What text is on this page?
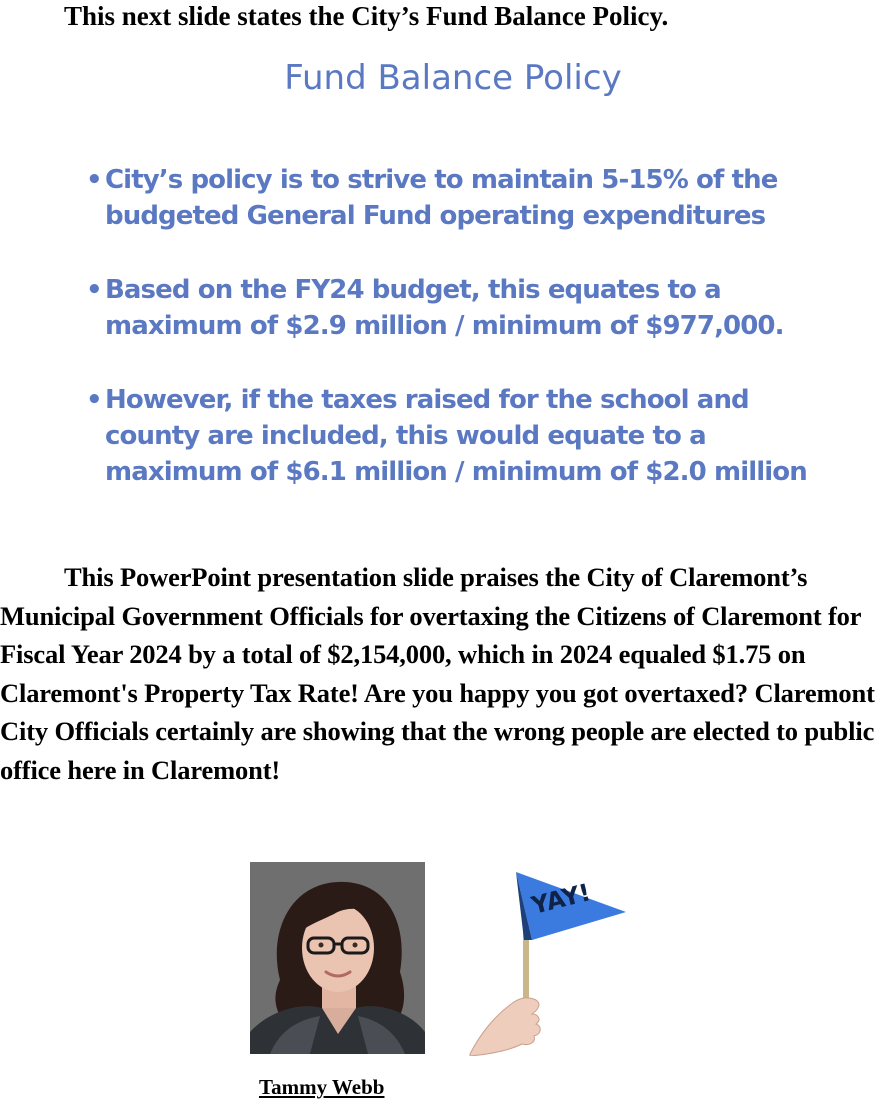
This next slide states the City’s Fund Balance Policy.
Fund Balance Policy
• City’s policy is to strive to maintain 5-15% of the budgeted General Fund operating expenditures
• Based on the FY24 budget, this equates to a maximum of $2.9 million / minimum of $977,000.
• However, if the taxes raised for the school and county are included, this would equate to a maximum of $6.1 million / minimum of $2.0 million

This PowerPoint presentation slide praises the City of Claremont’s Municipal Government Officials for overtaxing the Citizens of Claremont for Fiscal Year 2024 by a total of $2,154,000, which in 2024 equaled $1.75 on Claremont's Property Tax Rate! Are you happy you got overtaxed? Claremont City Officials certainly are showing that the wrong people are elected to public office here in Claremont!

YAY!
Tammy Webb
